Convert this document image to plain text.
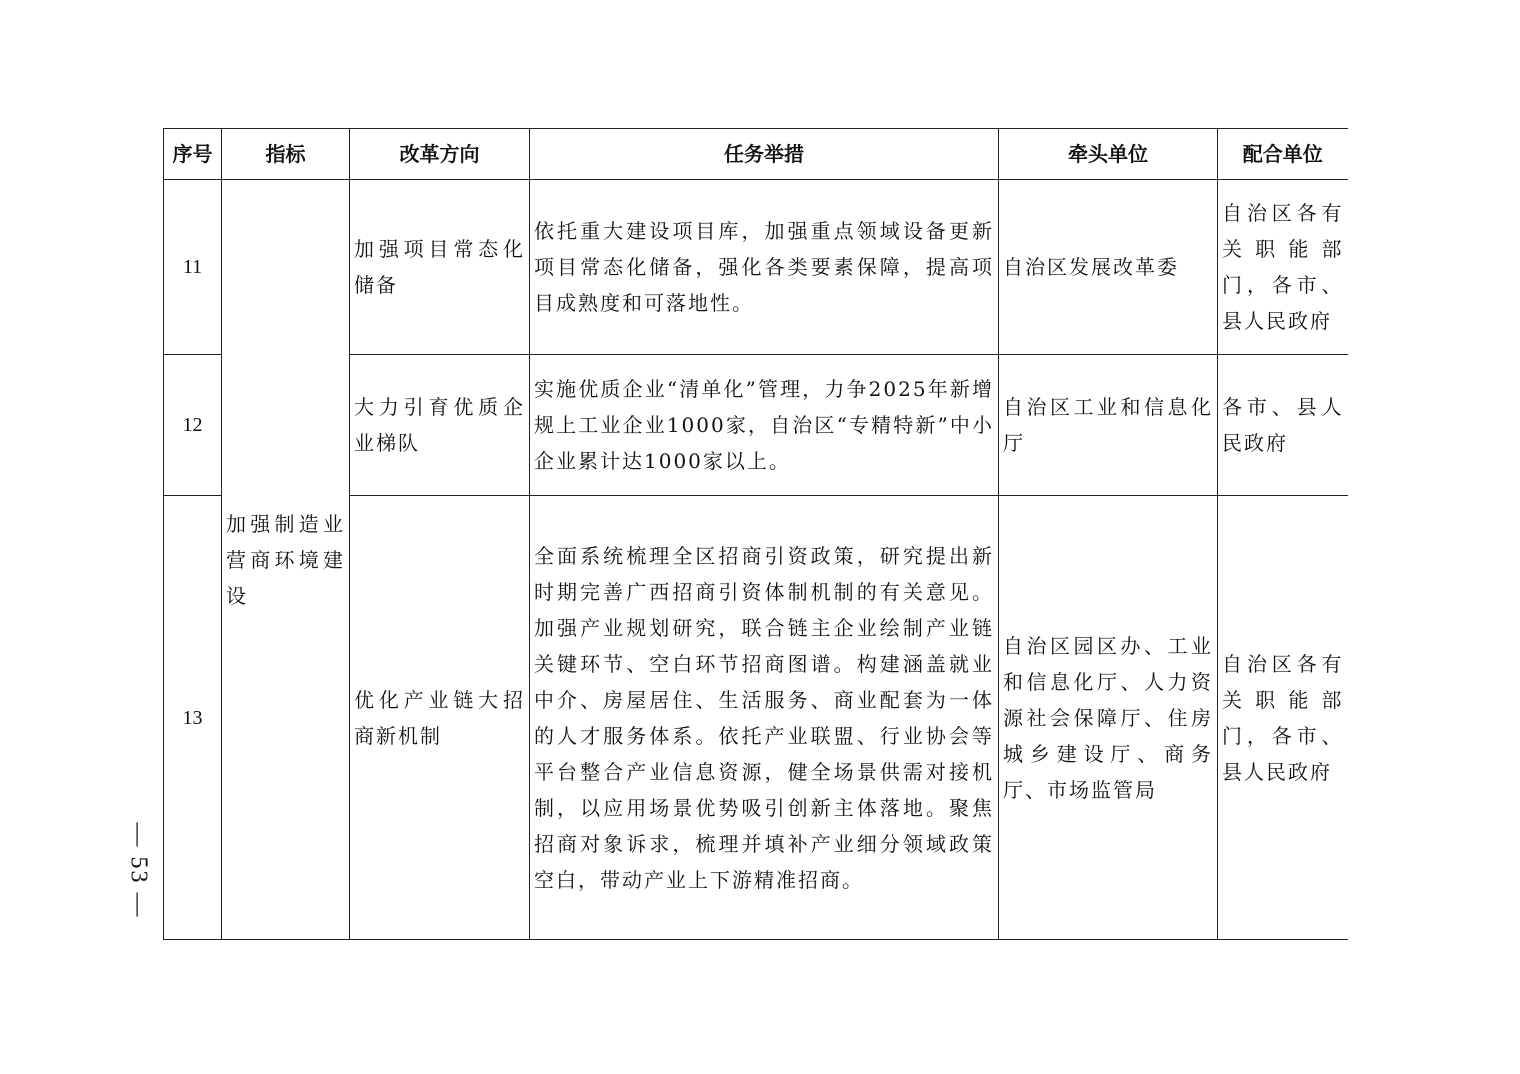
— 53 —
序号	指标	改革方向	任务举措	牵头单位	配合单位
11	加强制造业营商环境建设	加强项目常态化储备	依托重大建设项目库，加强重点领域设备更新项目常态化储备，强化各类要素保障，提高项目成熟度和可落地性。	自治区发展改革委	自治区各有关职能部门，各市、县人民政府
12		大力引育优质企业梯队	实施优质企业“清单化”管理，力争2025年新增规上工业企业1000家，自治区“专精特新”中小企业累计达1000家以上。	自治区工业和信息化厅	各市、县人民政府
13		优化产业链大招商新机制	全面系统梳理全区招商引资政策，研究提出新时期完善广西招商引资体制机制的有关意见。加强产业规划研究，联合链主企业绘制产业链关键环节、空白环节招商图谱。构建涵盖就业中介、房屋居住、生活服务、商业配套为一体的人才服务体系。依托产业联盟、行业协会等平台整合产业信息资源，健全场景供需对接机制，以应用场景优势吸引创新主体落地。聚焦招商对象诉求，梳理并填补产业细分领域政策空白，带动产业上下游精准招商。	自治区园区办、工业和信息化厅、人力资源社会保障厅、住房城乡建设厅、商务厅、市场监管局	自治区各有关职能部门，各市、县人民政府
